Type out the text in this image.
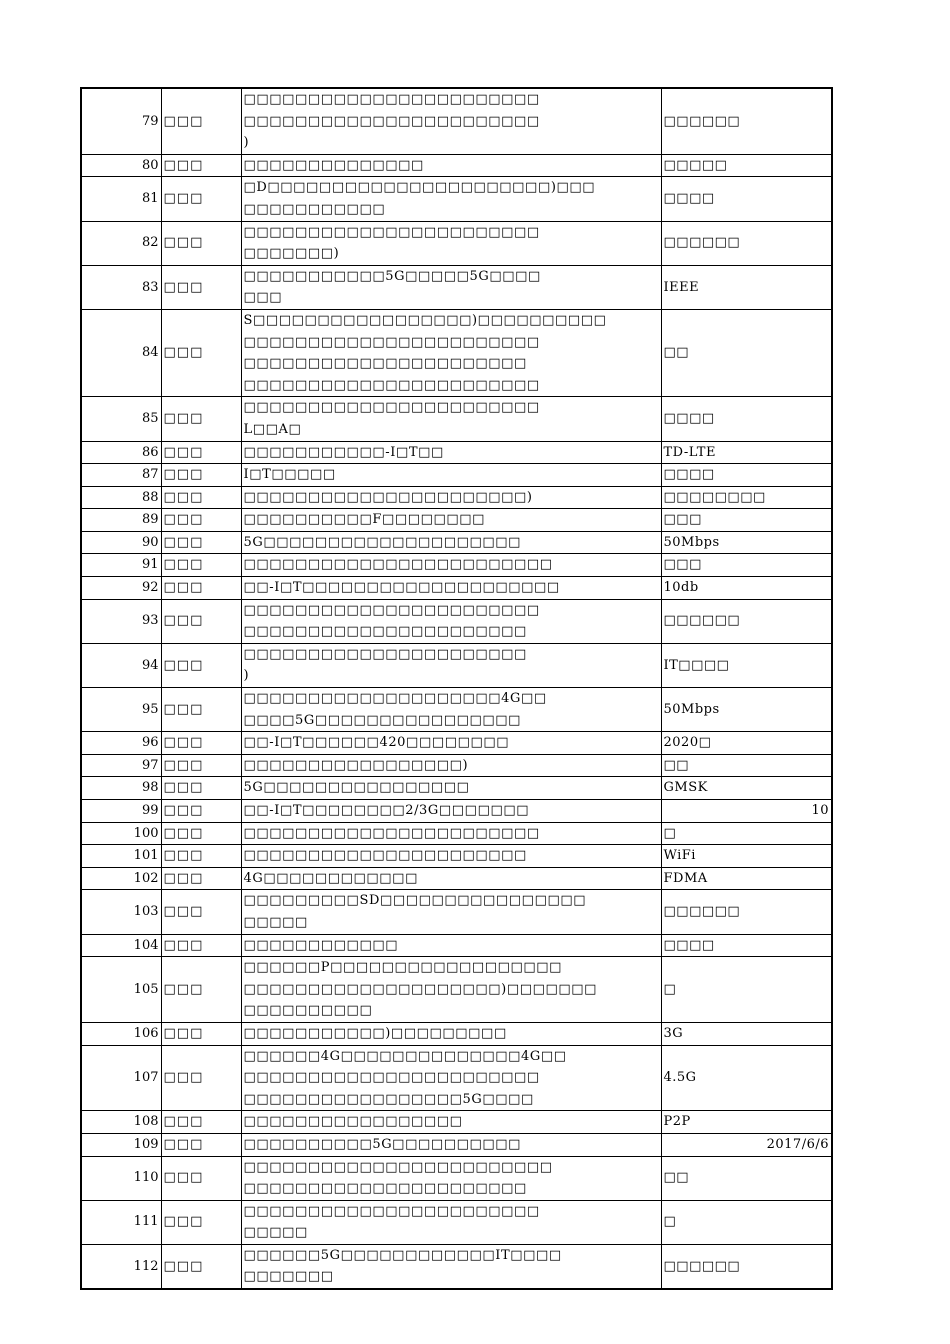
79	□□□	□□□□□□□□□□□□□□□□□□□□□□□
□□□□□□□□□□□□□□□□□□□□□□□
)	□□□□□□
80	□□□	□□□□□□□□□□□□□□	□□□□□
81	□□□	□D□□□□□□□□□□□□□□□□□□□□□□)□□□
□□□□□□□□□□□	□□□□
82	□□□	□□□□□□□□□□□□□□□□□□□□□□□
□□□□□□□)	□□□□□□
83	□□□	□□□□□□□□□□□5G□□□□□5G□□□□
□□□	IEEE
84	□□□	S□□□□□□□□□□□□□□□□□)□□□□□□□□□□
□□□□□□□□□□□□□□□□□□□□□□□
□□□□□□□□□□□□□□□□□□□□□□
□□□□□□□□□□□□□□□□□□□□□□□	□□
85	□□□	□□□□□□□□□□□□□□□□□□□□□□□
L□□A□	□□□□
86	□□□	□□□□□□□□□□□-I□T□□	TD-LTE
87	□□□	I□T□□□□□	□□□□
88	□□□	□□□□□□□□□□□□□□□□□□□□□□)	□□□□□□□□
89	□□□	□□□□□□□□□□F□□□□□□□□	□□□
90	□□□	5G□□□□□□□□□□□□□□□□□□□□	50Mbps
91	□□□	□□□□□□□□□□□□□□□□□□□□□□□□	□□□
92	□□□	□□-I□T□□□□□□□□□□□□□□□□□□□□	10db
93	□□□	□□□□□□□□□□□□□□□□□□□□□□□
□□□□□□□□□□□□□□□□□□□□□□	□□□□□□
94	□□□	□□□□□□□□□□□□□□□□□□□□□□
)	IT□□□□
95	□□□	□□□□□□□□□□□□□□□□□□□□4G□□
□□□□5G□□□□□□□□□□□□□□□□	50Mbps
96	□□□	□□-I□T□□□□□□420□□□□□□□□	2020□
97	□□□	□□□□□□□□□□□□□□□□□)	□□
98	□□□	5G□□□□□□□□□□□□□□□□	GMSK
99	□□□	□□-I□T□□□□□□□□2/3G□□□□□□□	10
100	□□□	□□□□□□□□□□□□□□□□□□□□□□□	□
101	□□□	□□□□□□□□□□□□□□□□□□□□□□	WiFi
102	□□□	4G□□□□□□□□□□□□	FDMA
103	□□□	□□□□□□□□□SD□□□□□□□□□□□□□□□□
□□□□□	□□□□□□
104	□□□	□□□□□□□□□□□□	□□□□
105	□□□	□□□□□□P□□□□□□□□□□□□□□□□□□
□□□□□□□□□□□□□□□□□□□□)□□□□□□□
□□□□□□□□□□	□
106	□□□	□□□□□□□□□□□)□□□□□□□□□	3G
107	□□□	□□□□□□4G□□□□□□□□□□□□□□4G□□
□□□□□□□□□□□□□□□□□□□□□□□
□□□□□□□□□□□□□□□□□5G□□□□	4.5G
108	□□□	□□□□□□□□□□□□□□□□□	P2P
109	□□□	□□□□□□□□□□5G□□□□□□□□□□	2017/6/6
110	□□□	□□□□□□□□□□□□□□□□□□□□□□□□
□□□□□□□□□□□□□□□□□□□□□□	□□
111	□□□	□□□□□□□□□□□□□□□□□□□□□□□
□□□□□	□
112	□□□	□□□□□□5G□□□□□□□□□□□□IT□□□□
□□□□□□□	□□□□□□
